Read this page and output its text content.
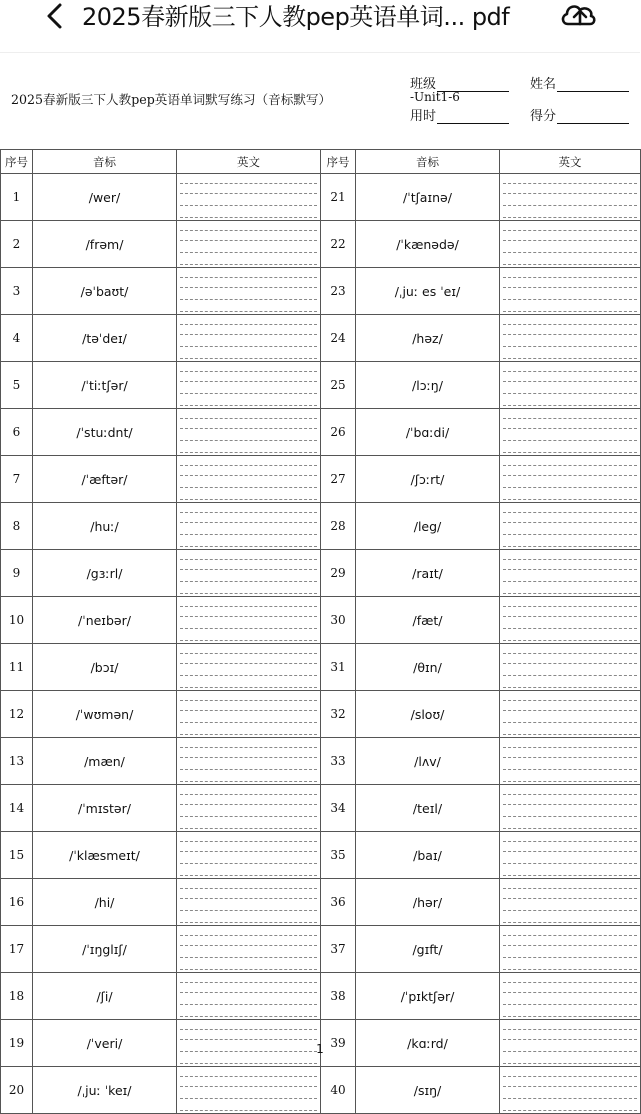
2025春新版三下人教pep英语单词... pdf
2025春新版三下人教pep英语单词默写练习（音标默写）	-Unit1-6
班级	姓名
用时	得分
序号	音标	英文	序号	音标	英文
1	/wer/		21	/ˈtʃaɪnə/	

2	/frəm/		22	/ˈkænədə/	

3	/əˈbaʊt/		23	/ˌjuː es ˈeɪ/	

4	/təˈdeɪ/		24	/həz/	

5	/ˈtiːtʃər/		25	/lɔːŋ/	

6	/ˈstuːdnt/		26	/ˈbɑːdi/	

7	/ˈæftər/		27	/ʃɔːrt/	

8	/huː/		28	/leg/	

9	/gɜːrl/		29	/raɪt/	

10	/ˈneɪbər/		30	/fæt/	

11	/bɔɪ/		31	/θɪn/	

12	/ˈwʊmən/		32	/sloʊ/	

13	/mæn/		33	/lʌv/	

14	/ˈmɪstər/		34	/teɪl/	

15	/ˈklæsmeɪt/		35	/baɪ/	

16	/hi/		36	/hər/	

17	/ˈɪŋglɪʃ/		37	/gɪft/	

18	/ʃi/		38	/ˈpɪktʃər/	

19	/ˈveri/		39	/kɑːrd/	

20	/ˌjuː ˈkeɪ/		40	/sɪŋ/	
1
